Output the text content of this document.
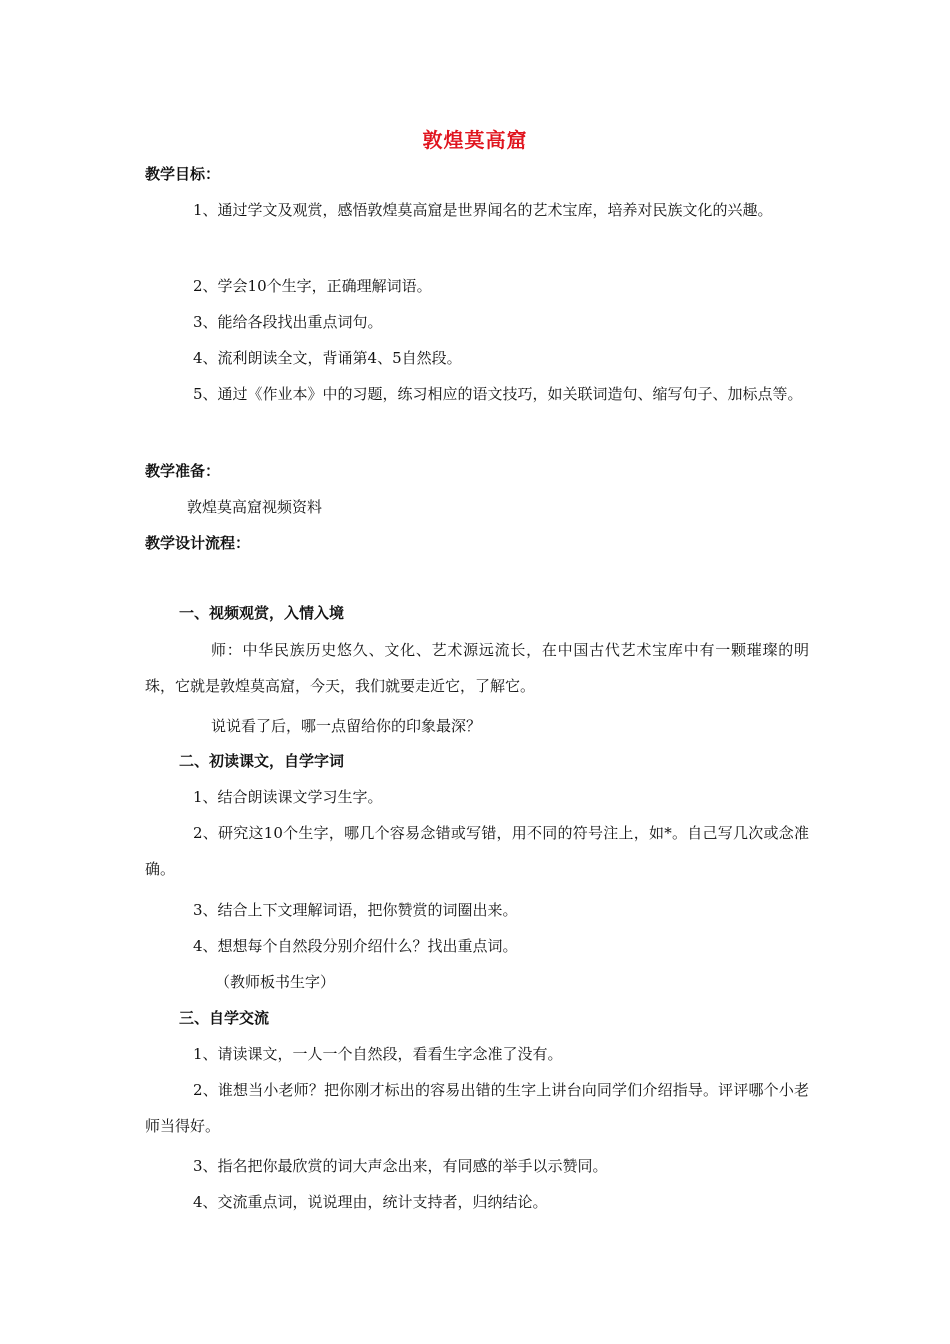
敦煌莫高窟
教学目标：
1、通过学文及观赏，感悟敦煌莫高窟是世界闻名的艺术宝库，培养对民族文化的兴趣。
2、学会10个生字，正确理解词语。
3、能给各段找出重点词句。
4、流利朗读全文，背诵第4、5自然段。
5、通过《作业本》中的习题，练习相应的语文技巧，如关联词造句、缩写句子、加标点等。
教学准备：
敦煌莫高窟视频资料
教学设计流程：
一、视频观赏，入情入境
师：中华民族历史悠久、文化、艺术源远流长，在中国古代艺术宝库中有一颗璀璨的明珠，它就是敦煌莫高窟，今天，我们就要走近它，了解它。
说说看了后，哪一点留给你的印象最深？
二、初读课文，自学字词
1、结合朗读课文学习生字。
2、研究这10个生字，哪几个容易念错或写错，用不同的符号注上，如*。自己写几次或念准确。
3、结合上下文理解词语，把你赞赏的词圈出来。
4、想想每个自然段分别介绍什么？找出重点词。
（教师板书生字）
三、自学交流
1、请读课文，一人一个自然段，看看生字念准了没有。
2、谁想当小老师？把你刚才标出的容易出错的生字上讲台向同学们介绍指导。评评哪个小老师当得好。
3、指名把你最欣赏的词大声念出来，有同感的举手以示赞同。
4、交流重点词，说说理由，统计支持者，归纳结论。
